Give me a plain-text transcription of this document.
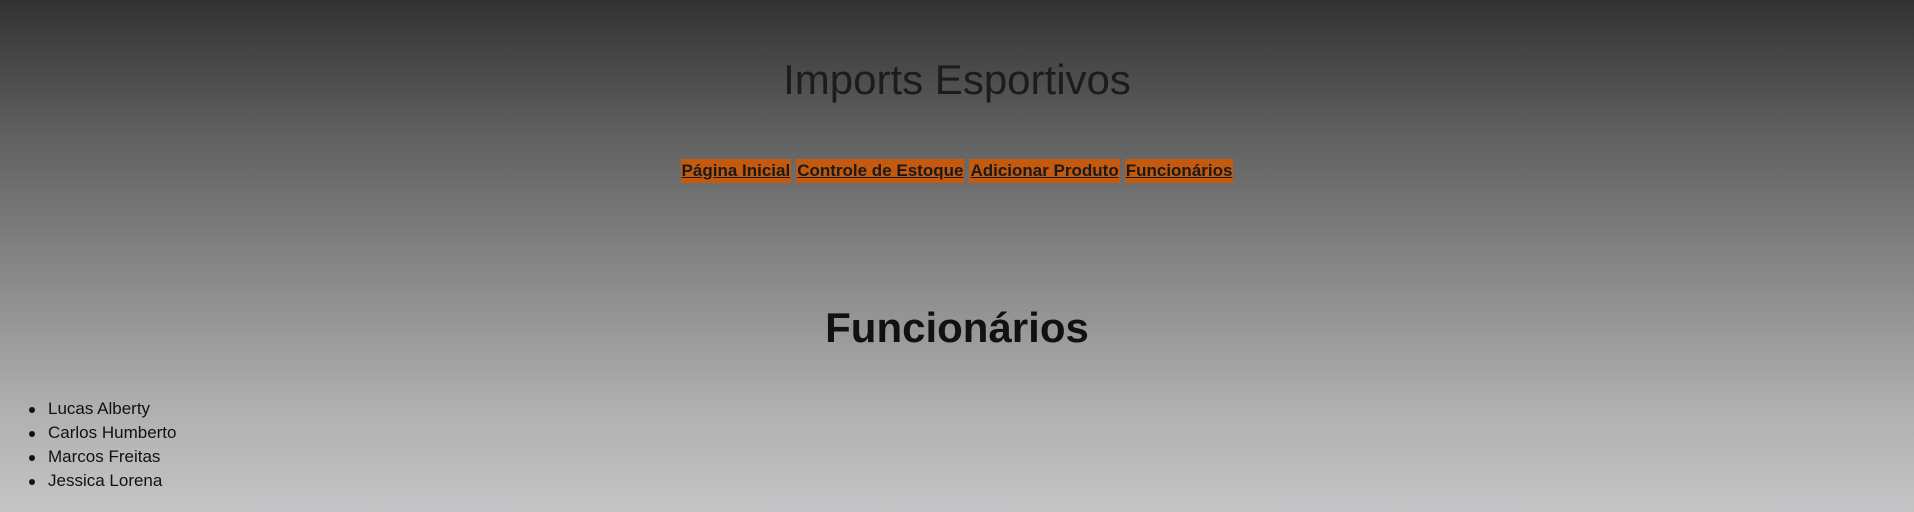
Imports Esportivos
Página Inicial Controle de Estoque Adicionar Produto Funcionários
Funcionários
Lucas Alberty
Carlos Humberto
Marcos Freitas
Jessica Lorena
